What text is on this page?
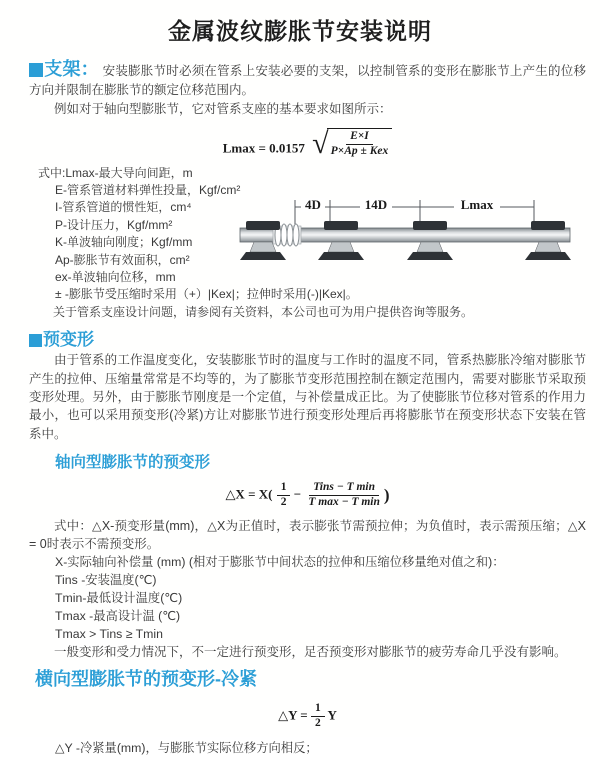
金属波纹膨胀节安装说明

支架： 安装膨胀节时必须在管系上安装必要的支架，以控制管系的变形在膨胀节上产生的位移方向并限制在膨胀节的额定位移范围内。

例如对于轴向型膨胀节，它对管系支座的基本要求如图所示：

Lmax = 0.0157 √
$\frac{E\times I}{\text{P×Ap ± Kex}}$
式中:Lmax-最大导向间距，m
E-管系管道材料弹性投量，Kgf/cm²
I-管系管道的惯性矩，cm⁴
P-设计压力，Kgf/mm²
K-单波轴向刚度；Kgf/mm
Ap-膨胀节有效面积，cm²
ex-单波轴向位移，mm
± -膨胀节受压缩时采用（+）|Kex|；拉伸时采用(-)|Kex|。

关于管系支座设计问题，请参阅有关资料，本公司也可为用户提供咨询等服务。

预变形

由于管系的工作温度变化，安装膨胀节时的温度与工作时的温度不同，管系热膨胀冷缩对膨胀节产生的拉伸、压缩量常常是不均等的，为了膨胀节变形范围控制在额定范围内，需要对膨胀节采取预变形处理。另外，由于膨胀节刚度是一个定值，与补偿量成正比。为了使膨胀节位移对管系的作用力最小，也可以采用预变形(冷紧)方让对膨胀节进行预变形处理后再将膨胀节在预变形状态下安装在管系中。

轴向型膨胀节的预变形

△X = $X( \frac{1}{2} - \frac{\text{Tins − T min}}{\text{T max − T min}}$ )

式中：△X-预变形量(mm)，△X为正值时，表示膨张节需预拉伸；为负值时，表示需预压缩；△X = 0时表示不需预变形。

X-实际轴向补偿量 (mm) (相对于膨胀节中间状态的拉伸和压缩位移量绝对值之和)：
Tins -安装温度(℃)
Tmin-最低设计温度(℃)
Tmax -最高设计温 (℃)
Tmax > Tins ≥ Tmin

一般变形和受力情况下，不一定进行预变形，足否预变形对膨胀节的疲劳寿命几乎没有影响。

横向型膨胀节的预变形-冷紧

△Y = $\frac{1}{2}$ Y

△Y -冷紧量(mm)，与膨胀节实际位移方向相反；

4D	14D	Lmax
